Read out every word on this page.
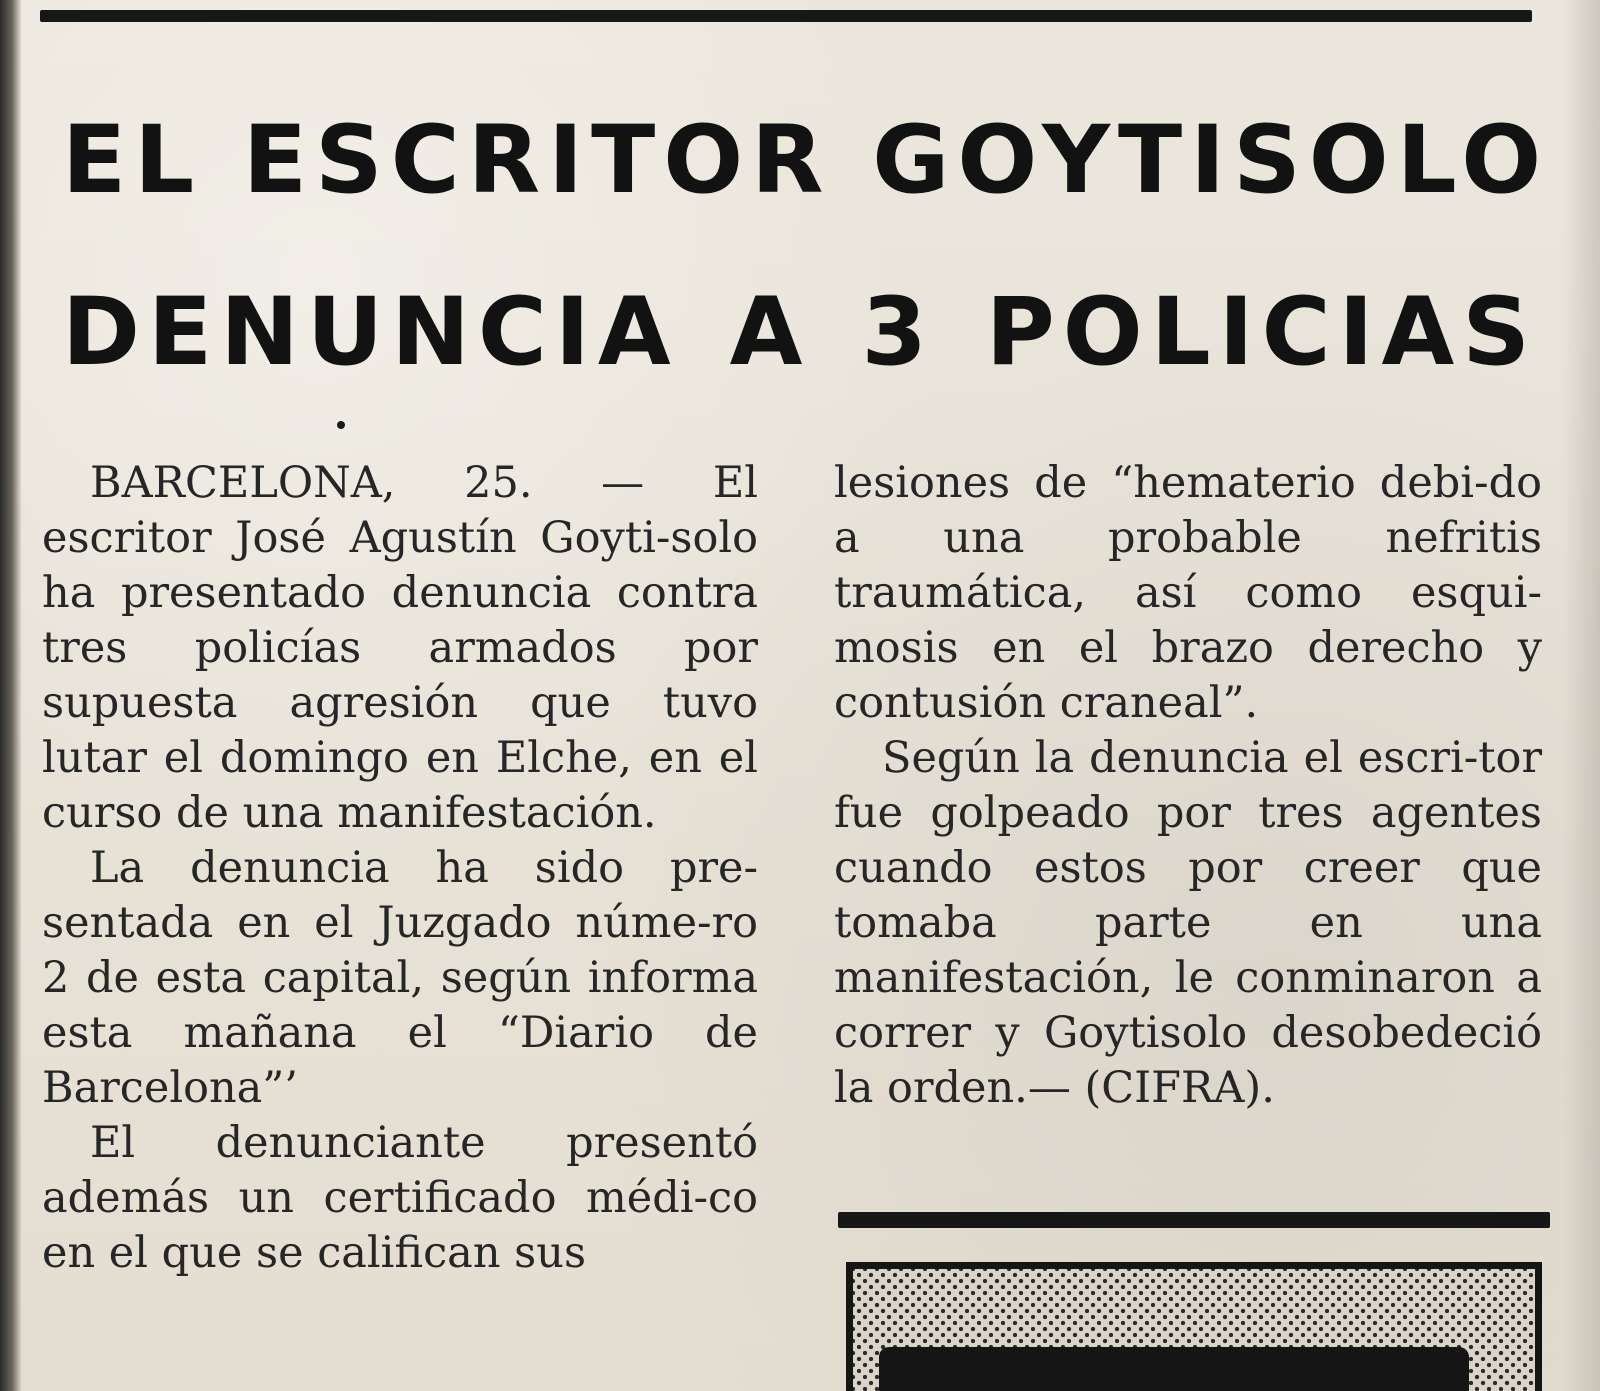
EL ESCRITOR GOYTISOLO
DENUNCIA A 3 POLICIAS

BARCELONA, 25. — El escritor José Agustín Goyti-solo ha presentado denuncia contra tres policías armados por supuesta agresión que tuvo lutar el domingo en Elche, en el curso de una manifestación.

La denuncia ha sido pre-sentada en el Juzgado núme-ro 2 de esta capital, según informa esta mañana el “Diario de Barcelona”’

El denunciante presentó además un certificado médi-co en el que se califican sus

lesiones de “hematerio debi-do a una probable nefritis traumática, así como esqui-mosis en el brazo derecho y contusión craneal”.

Según la denuncia el escri-tor fue golpeado por tres agentes cuando estos por creer que tomaba parte en una manifestación, le conminaron a correr y Goytisolo desobedeció la orden.— (CIFRA).
